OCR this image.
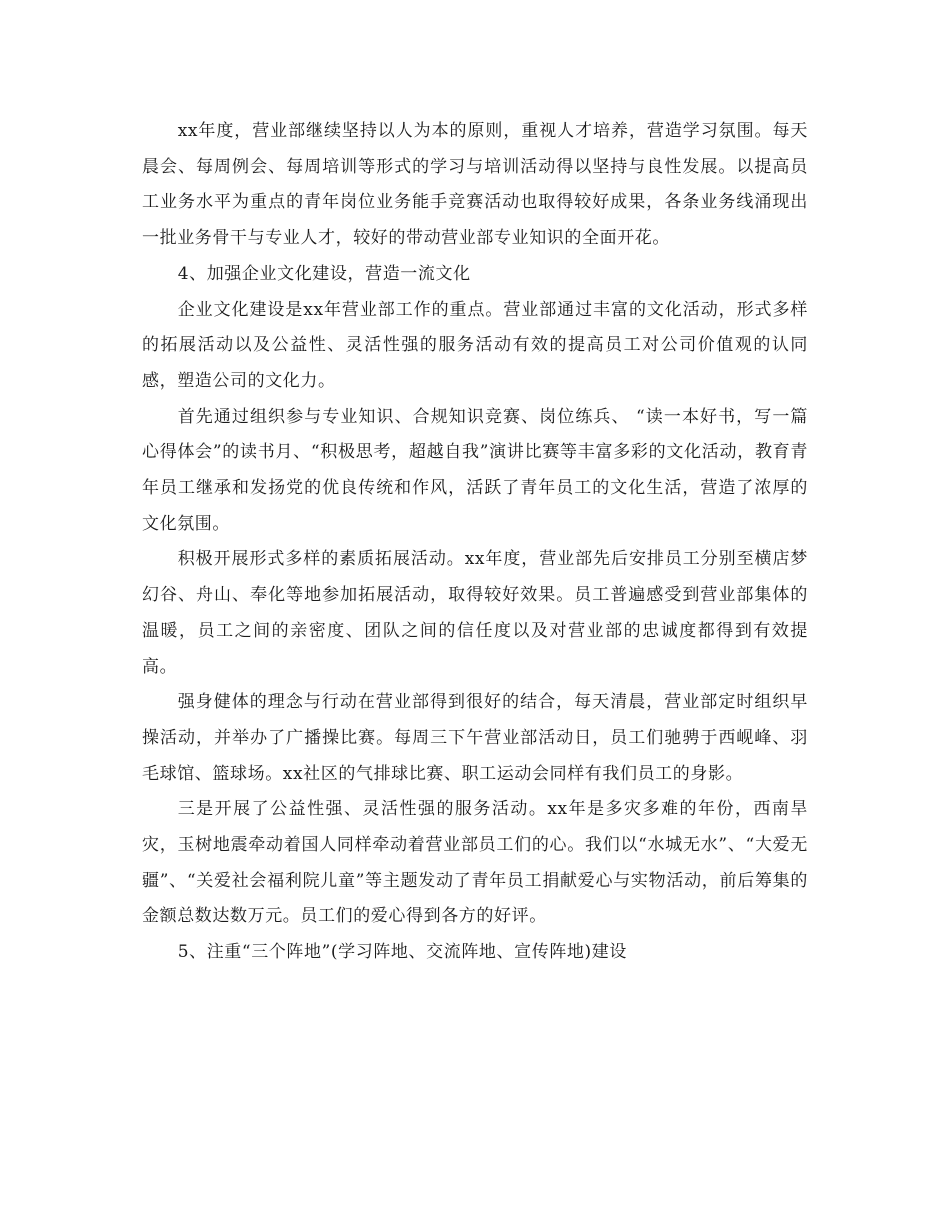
xx年度，营业部继续坚持以人为本的原则，重视人才培养，营造学习氛围。每天晨会、每周例会、每周培训等形式的学习与培训活动得以坚持与良性发展。以提高员工业务水平为重点的青年岗位业务能手竞赛活动也取得较好成果，各条业务线涌现出一批业务骨干与专业人才，较好的带动营业部专业知识的全面开花。

4、加强企业文化建设，营造一流文化

企业文化建设是xx年营业部工作的重点。营业部通过丰富的文化活动，形式多样的拓展活动以及公益性、灵活性强的服务活动有效的提高员工对公司价值观的认同感，塑造公司的文化力。

首先通过组织参与专业知识、合规知识竞赛、岗位练兵、 “读一本好书，写一篇心得体会”的读书月、“积极思考，超越自我”演讲比赛等丰富多彩的文化活动，教育青年员工继承和发扬党的优良传统和作风，活跃了青年员工的文化生活，营造了浓厚的文化氛围。

积极开展形式多样的素质拓展活动。xx年度，营业部先后安排员工分别至横店梦幻谷、舟山、奉化等地参加拓展活动，取得较好效果。员工普遍感受到营业部集体的温暖，员工之间的亲密度、团队之间的信任度以及对营业部的忠诚度都得到有效提高。

强身健体的理念与行动在营业部得到很好的结合，每天清晨，营业部定时组织早操活动，并举办了广播操比赛。每周三下午营业部活动日，员工们驰骋于西岘峰、羽毛球馆、篮球场。xx社区的气排球比赛、职工运动会同样有我们员工的身影。

三是开展了公益性强、灵活性强的服务活动。xx年是多灾多难的年份，西南旱灾，玉树地震牵动着国人同样牵动着营业部员工们的心。我们以“水城无水”、“大爱无疆”、“关爱社会福利院儿童”等主题发动了青年员工捐献爱心与实物活动，前后筹集的金额总数达数万元。员工们的爱心得到各方的好评。

5、注重“三个阵地”(学习阵地、交流阵地、宣传阵地)建设
